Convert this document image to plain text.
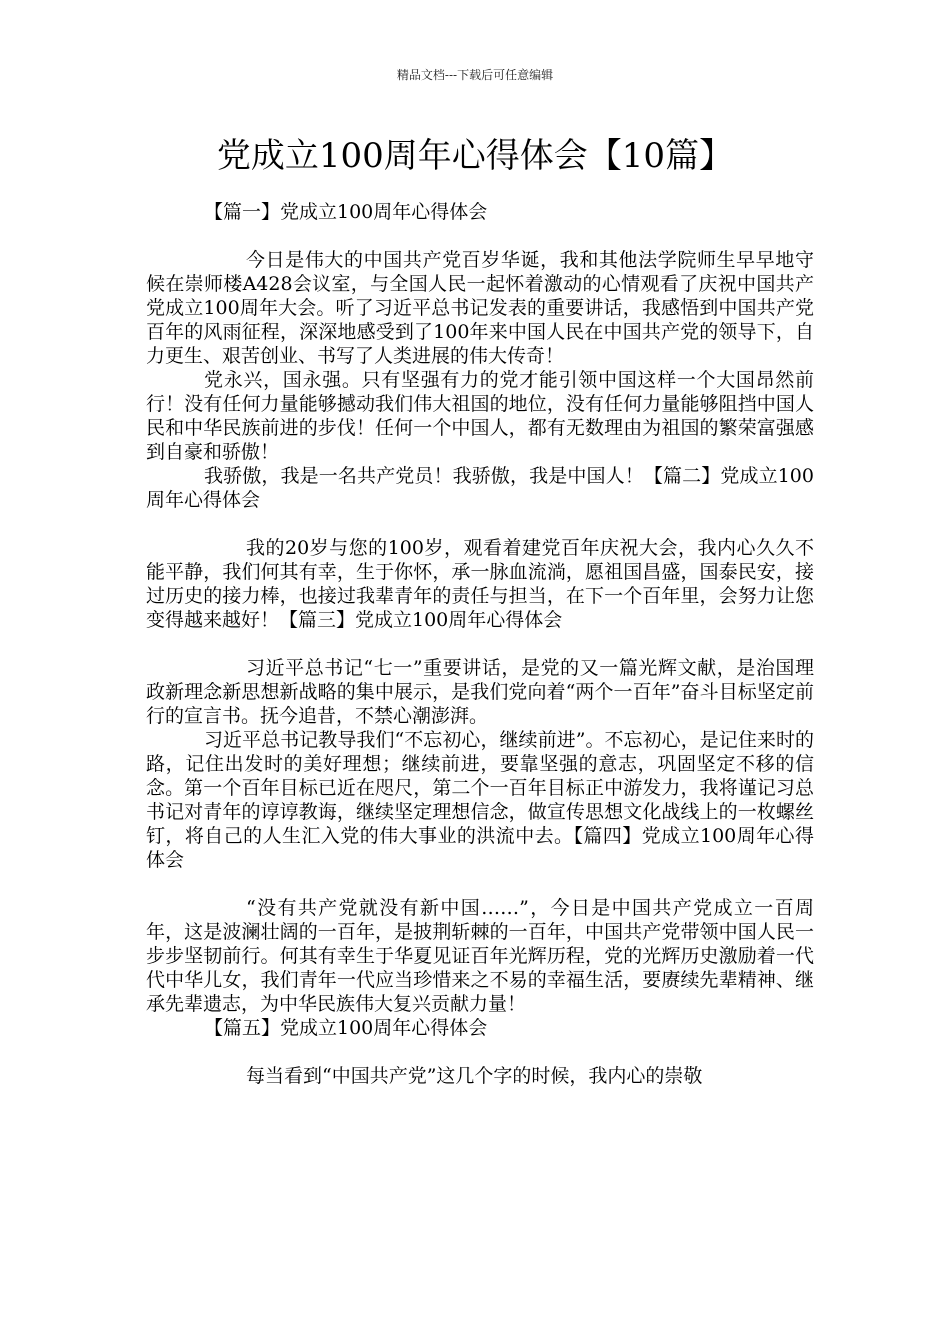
精品文档---下载后可任意编辑
党成立100周年心得体会【10篇】

【篇一】党成立100周年心得体会

今日是伟大的中国共产党百岁华诞，我和其他法学院师生早早地守候在崇师楼A428会议室，与全国人民一起怀着激动的心情观看了庆祝中国共产党成立100周年大会。听了习近平总书记发表的重要讲话，我感悟到中国共产党百年的风雨征程，深深地感受到了100年来中国人民在中国共产党的领导下，自力更生、艰苦创业、书写了人类进展的伟大传奇！

党永兴，国永强。只有坚强有力的党才能引领中国这样一个大国昂然前行！没有任何力量能够撼动我们伟大祖国的地位，没有任何力量能够阻挡中国人民和中华民族前进的步伐！任何一个中国人，都有无数理由为祖国的繁荣富强感到自豪和骄傲！

我骄傲，我是一名共产党员！我骄傲，我是中国人！【篇二】党成立100周年心得体会

我的20岁与您的100岁，观看着建党百年庆祝大会，我内心久久不能平静，我们何其有幸，生于你怀，承一脉血流淌，愿祖国昌盛，国泰民安，接过历史的接力棒，也接过我辈青年的责任与担当，在下一个百年里，会努力让您变得越来越好！【篇三】党成立100周年心得体会

习近平总书记“七一”重要讲话，是党的又一篇光辉文献，是治国理政新理念新思想新战略的集中展示，是我们党向着“两个一百年”奋斗目标坚定前行的宣言书。抚今追昔，不禁心潮澎湃。

习近平总书记教导我们“不忘初心，继续前进”。不忘初心，是记住来时的路，记住出发时的美好理想；继续前进，要靠坚强的意志，巩固坚定不移的信念。第一个百年目标已近在咫尺，第二个一百年目标正中游发力，我将谨记习总书记对青年的谆谆教诲，继续坚定理想信念，做宣传思想文化战线上的一枚螺丝钉，将自己的人生汇入党的伟大事业的洪流中去。【篇四】党成立100周年心得体会

“没有共产党就没有新中国……”，今日是中国共产党成立一百周年，这是波澜壮阔的一百年，是披荆斩棘的一百年，中国共产党带领中国人民一步步坚韧前行。何其有幸生于华夏见证百年光辉历程，党的光辉历史激励着一代代中华儿女，我们青年一代应当珍惜来之不易的幸福生活，要赓续先辈精神、继承先辈遗志，为中华民族伟大复兴贡献力量！

【篇五】党成立100周年心得体会

每当看到“中国共产党”这几个字的时候，我内心的崇敬
